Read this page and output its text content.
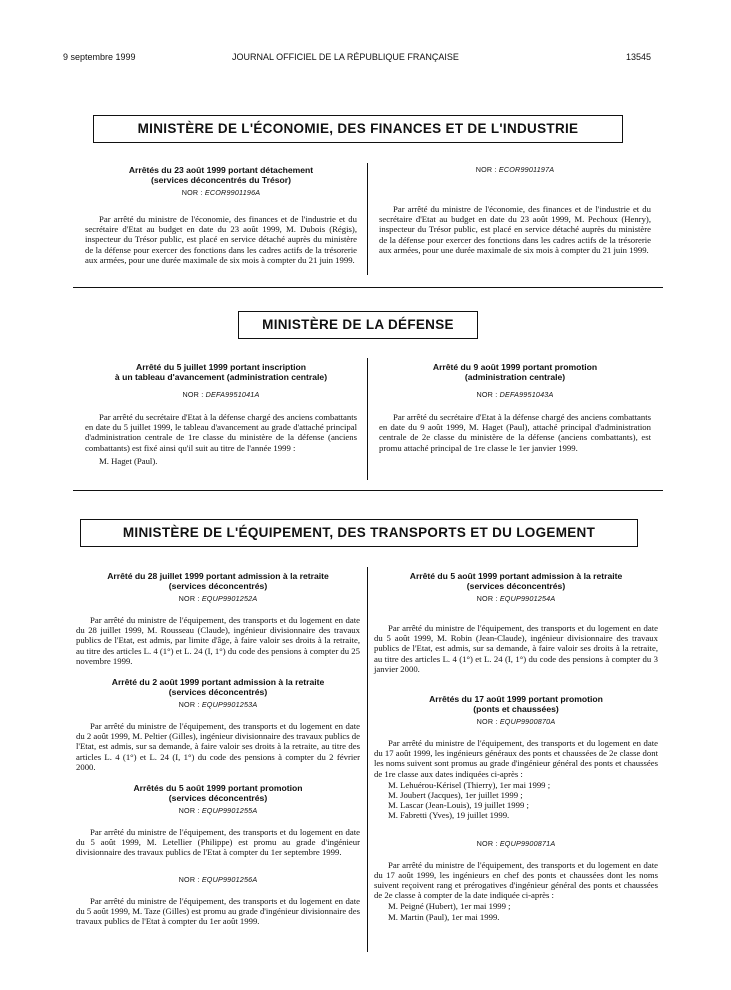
9 septembre 1999	JOURNAL OFFICIEL DE LA RÉPUBLIQUE FRANÇAISE	13545
MINISTÈRE DE L'ÉCONOMIE, DES FINANCES ET DE L'INDUSTRIE
Arrêtés du 23 août 1999 portant détachement
(services déconcentrés du Trésor)
NOR : ECOR9901196A
Par arrêté du ministre de l'économie, des finances et de l'industrie et du secrétaire d'Etat au budget en date du 23 août 1999, M. Dubois (Régis), inspecteur du Trésor public, est placé en service détaché auprès du ministère de la défense pour exercer des fonctions dans les cadres actifs de la trésorerie aux armées, pour une durée maximale de six mois à compter du 21 juin 1999.
NOR : ECOR9901197A
Par arrêté du ministre de l'économie, des finances et de l'industrie et du secrétaire d'Etat au budget en date du 23 août 1999, M. Pechoux (Henry), inspecteur du Trésor public, est placé en service détaché auprès du ministère de la défense pour exercer des fonctions dans les cadres actifs de la trésorerie aux armées, pour une durée maximale de six mois à compter du 21 juin 1999.
MINISTÈRE DE LA DÉFENSE
Arrêté du 5 juillet 1999 portant inscription
à un tableau d'avancement (administration centrale)
NOR : DEFA9951041A
Par arrêté du secrétaire d'Etat à la défense chargé des anciens combattants en date du 5 juillet 1999, le tableau d'avancement au grade d'attaché principal d'administration centrale de 1re classe du ministère de la défense (anciens combattants) est fixé ainsi qu'il suit au titre de l'année 1999 :
M. Haget (Paul).
Arrêté du 9 août 1999 portant promotion
(administration centrale)
NOR : DEFA9951043A
Par arrêté du secrétaire d'Etat à la défense chargé des anciens combattants en date du 9 août 1999, M. Haget (Paul), attaché principal d'administration centrale de 2e classe du ministère de la défense (anciens combattants), est promu attaché principal de 1re classe le 1er janvier 1999.
MINISTÈRE DE L'ÉQUIPEMENT, DES TRANSPORTS ET DU LOGEMENT
Arrêté du 28 juillet 1999 portant admission à la retraite
(services déconcentrés)
NOR : EQUP9901252A
Par arrêté du ministre de l'équipement, des transports et du logement en date du 28 juillet 1999, M. Rousseau (Claude), ingénieur divisionnaire des travaux publics de l'Etat, est admis, par limite d'âge, à faire valoir ses droits à la retraite, au titre des articles L. 4 (1°) et L. 24 (I, 1°) du code des pensions à compter du 25 novembre 1999.
Arrêté du 2 août 1999 portant admission à la retraite
(services déconcentrés)
NOR : EQUP9901253A
Par arrêté du ministre de l'équipement, des transports et du logement en date du 2 août 1999, M. Peltier (Gilles), ingénieur divisionnaire des travaux publics de l'Etat, est admis, sur sa demande, à faire valoir ses droits à la retraite, au titre des articles L. 4 (1°) et L. 24 (I, 1°) du code des pensions à compter du 2 février 2000.
Arrêtés du 5 août 1999 portant promotion
(services déconcentrés)
NOR : EQUP9901255A
Par arrêté du ministre de l'équipement, des transports et du logement en date du 5 août 1999, M. Letellier (Philippe) est promu au grade d'ingénieur divisionnaire des travaux publics de l'Etat à compter du 1er septembre 1999.
NOR : EQUP9901256A
Par arrêté du ministre de l'équipement, des transports et du logement en date du 5 août 1999, M. Taze (Gilles) est promu au grade d'ingénieur divisionnaire des travaux publics de l'Etat à compter du 1er août 1999.
Arrêté du 5 août 1999 portant admission à la retraite
(services déconcentrés)
NOR : EQUP9901254A
Par arrêté du ministre de l'équipement, des transports et du logement en date du 5 août 1999, M. Robin (Jean-Claude), ingénieur divisionnaire des travaux publics de l'Etat, est admis, sur sa demande, à faire valoir ses droits à la retraite, au titre des articles L. 4 (1°) et L. 24 (I, 1°) du code des pensions à compter du 3 janvier 2000.
Arrêtés du 17 août 1999 portant promotion
(ponts et chaussées)
NOR : EQUP9900870A
Par arrêté du ministre de l'équipement, des transports et du logement en date du 17 août 1999, les ingénieurs généraux des ponts et chaussées de 2e classe dont les noms suivent sont promus au grade d'ingénieur général des ponts et chaussées de 1re classe aux dates indiquées ci-après :
M. Lehuérou-Kérisel (Thierry), 1er mai 1999 ;
M. Joubert (Jacques), 1er juillet 1999 ;
M. Lascar (Jean-Louis), 19 juillet 1999 ;
M. Fabretti (Yves), 19 juillet 1999.
NOR : EQUP9900871A
Par arrêté du ministre de l'équipement, des transports et du logement en date du 17 août 1999, les ingénieurs en chef des ponts et chaussées dont les noms suivent reçoivent rang et prérogatives d'ingénieur général des ponts et chaussées de 2e classe à compter de la date indiquée ci-après :
M. Peigné (Hubert), 1er mai 1999 ;
M. Martin (Paul), 1er mai 1999.
